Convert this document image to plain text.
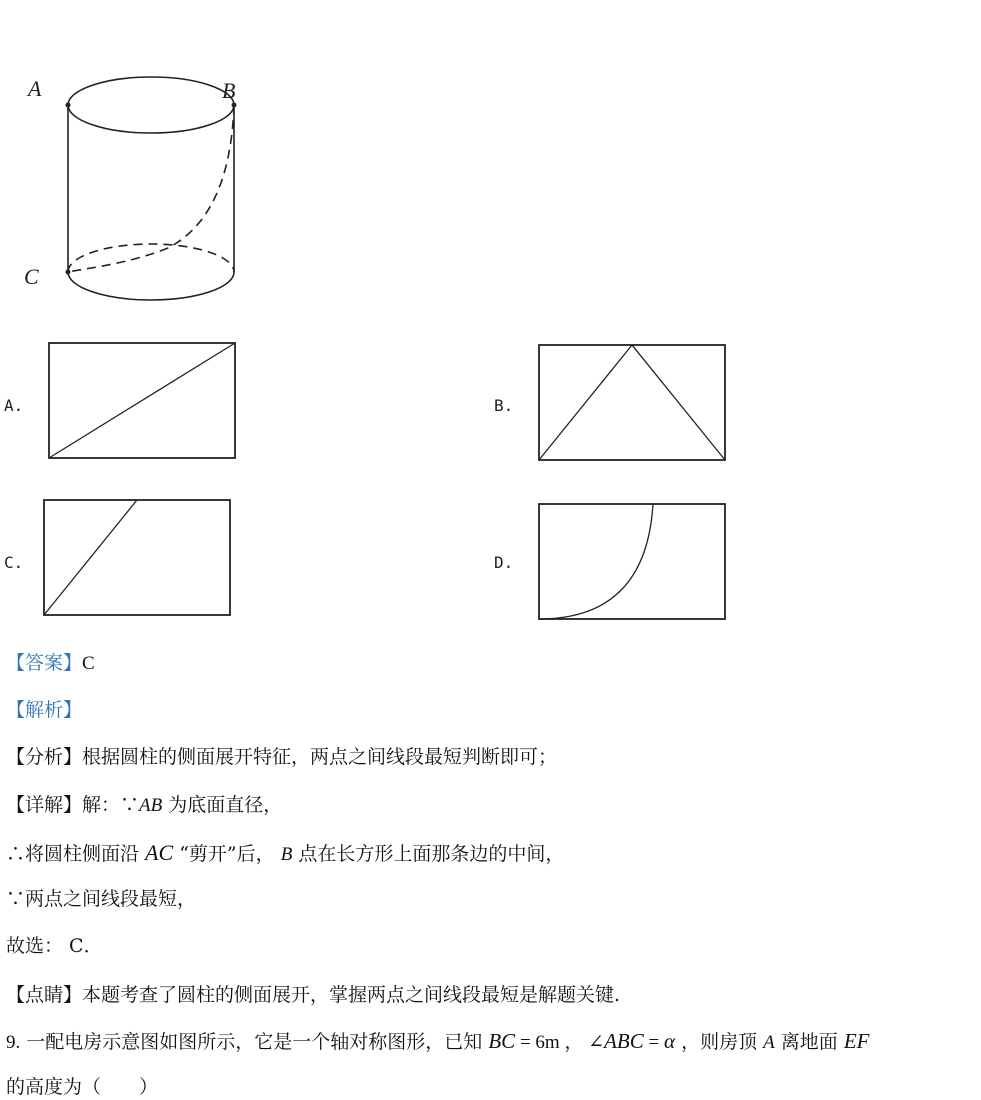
A	B
C
A.	B.
C.	D.
【答案】C
【解析】
【分析】根据圆柱的侧面展开特征，两点之间线段最短判断即可；
【详解】解：∵AB 为底面直径，
∴将圆柱侧面沿 AC “剪开”后， B 点在长方形上面那条边的中间，
∵两点之间线段最短，
故选： C．
【点睛】本题考查了圆柱的侧面展开，掌握两点之间线段最短是解题关键.
9. 一配电房示意图如图所示，它是一个轴对称图形，已知 BC = 6m ， ∠ABC = α ，则房顶 A 离地面 EF
的高度为（　　）
